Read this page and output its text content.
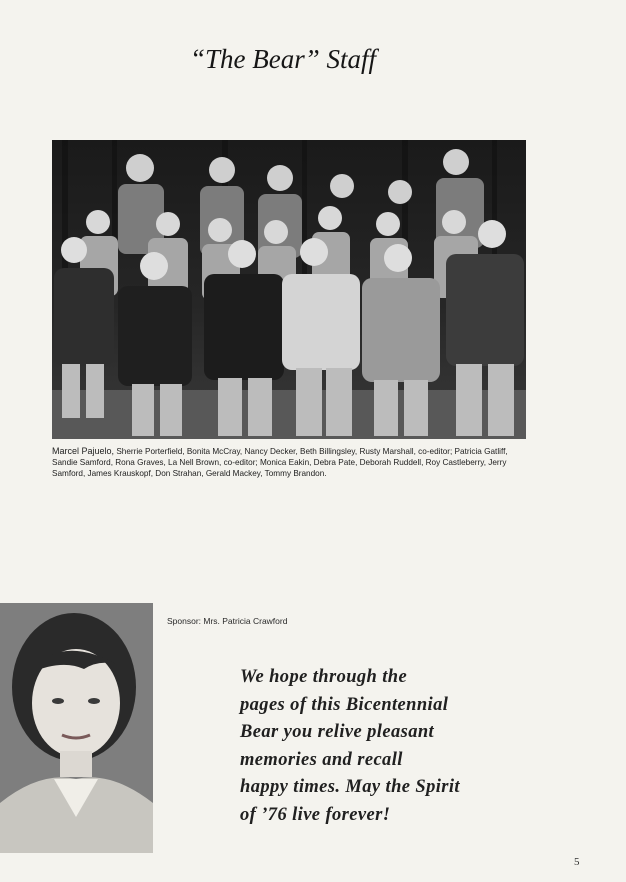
“The Bear” Staff
Marcel Pajuelo, Sherrie Porterfield, Bonita McCray, Nancy Decker, Beth Billingsley, Rusty Marshall, co-editor; Patricia Gatliff, Sandie Samford, Rona Graves, La Nell Brown, co-editor; Monica Eakin, Debra Pate, Deborah Ruddell, Roy Castleberry, Jerry Samford, James Krauskopf, Don Strahan, Gerald Mackey, Tommy Brandon.
Sponsor: Mrs. Patricia Crawford
We hope through the
pages of this Bicentennial
Bear you relive pleasant
memories and recall
happy times. May the Spirit
of ’76 live forever!
5
